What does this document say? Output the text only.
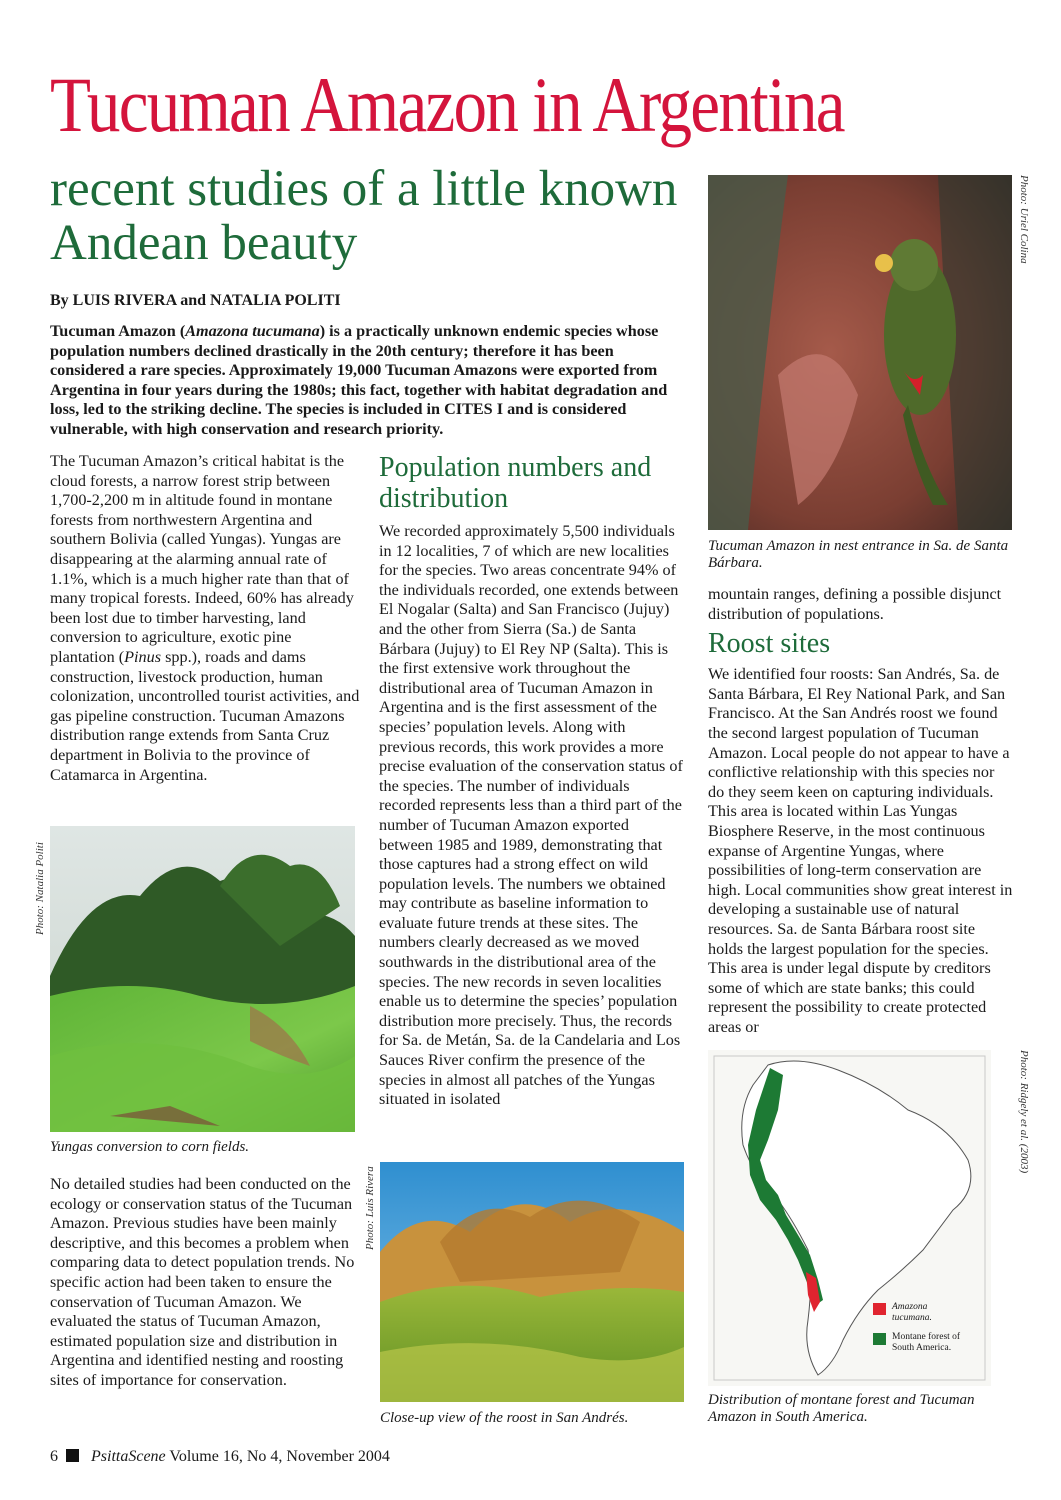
Tucuman Amazon in Argentina
recent studies of a little known Andean beauty
By LUIS RIVERA and NATALIA POLITI
Tucuman Amazon (Amazona tucumana) is a practically unknown endemic species whose population numbers declined drastically in the 20th century; therefore it has been considered a rare species. Approximately 19,000 Tucuman Amazons were exported from Argentina in four years during the 1980s; this fact, together with habitat degradation and loss, led to the striking decline. The species is included in CITES I and is considered vulnerable, with high conservation and research priority.

The Tucuman Amazon’s critical habitat is the cloud forests, a narrow forest strip between 1,700-2,200 m in altitude found in montane forests from northwestern Argentina and southern Bolivia (called Yungas). Yungas are disappearing at the alarming annual rate of 1.1%, which is a much higher rate than that of many tropical forests. Indeed, 60% has already been lost due to timber harvesting, land conversion to agriculture, exotic pine plantation (Pinus spp.), roads and dams construction, livestock production, human colonization, uncontrolled tourist activities, and gas pipeline construction. Tucuman Amazons distribution range extends from Santa Cruz department in Bolivia to the province of Catamarca in Argentina.

Photo: Natalia Politi
Yungas conversion to corn fields.

No detailed studies had been conducted on the ecology or conservation status of the Tucuman Amazon. Previous studies have been mainly descriptive, and this becomes a problem when comparing data to detect population trends. No specific action had been taken to ensure the conservation of Tucuman Amazon. We evaluated the status of Tucuman Amazon, estimated population size and distribution in Argentina and identified nesting and roosting sites of importance for conservation.

Population numbers and distribution

We recorded approximately 5,500 individuals in 12 localities, 7 of which are new localities for the species. Two areas concentrate 94% of the individuals recorded, one extends between El Nogalar (Salta) and San Francisco (Jujuy) and the other from Sierra (Sa.) de Santa Bárbara (Jujuy) to El Rey NP (Salta). This is the first extensive work throughout the distributional area of Tucuman Amazon in Argentina and is the first assessment of the species’ population levels. Along with previous records, this work provides a more precise evaluation of the conservation status of the species. The number of individuals recorded represents less than a third part of the number of Tucuman Amazon exported between 1985 and 1989, demonstrating that those captures had a strong effect on wild population levels. The numbers we obtained may contribute as baseline information to evaluate future trends at these sites. The numbers clearly decreased as we moved southwards in the distributional area of the species. The new records in seven localities enable us to determine the species’ population distribution more precisely. Thus, the records for Sa. de Metán, Sa. de la Candelaria and Los Sauces River confirm the presence of the species in almost all patches of the Yungas situated in isolated

Photo: Luis Rivera
Close-up view of the roost in San Andrés.
Photo: Uriel Colina
Tucuman Amazon in nest entrance in Sa. de Santa Bárbara.

mountain ranges, defining a possible disjunct distribution of populations.

Roost sites

We identified four roosts: San Andrés, Sa. de Santa Bárbara, El Rey National Park, and San Francisco. At the San Andrés roost we found the second largest population of Tucuman Amazon. Local people do not appear to have a conflictive relationship with this species nor do they seem keen on capturing individuals. This area is located within Las Yungas Biosphere Reserve, in the most continuous expanse of Argentine Yungas, where possibilities of long-term conservation are high. Local communities show great interest in developing a sustainable use of natural resources. Sa. de Santa Bárbara roost site holds the largest population for the species. This area is under legal dispute by creditors some of which are state banks; this could represent the possibility to create protected areas or

Amazona
tucumana.
Montane forest of
South America.
Photo: Ridgely et al. (2003)
Distribution of montane forest and Tucuman Amazon in South America.
6 PsittaScene Volume 16, No 4, November 2004
